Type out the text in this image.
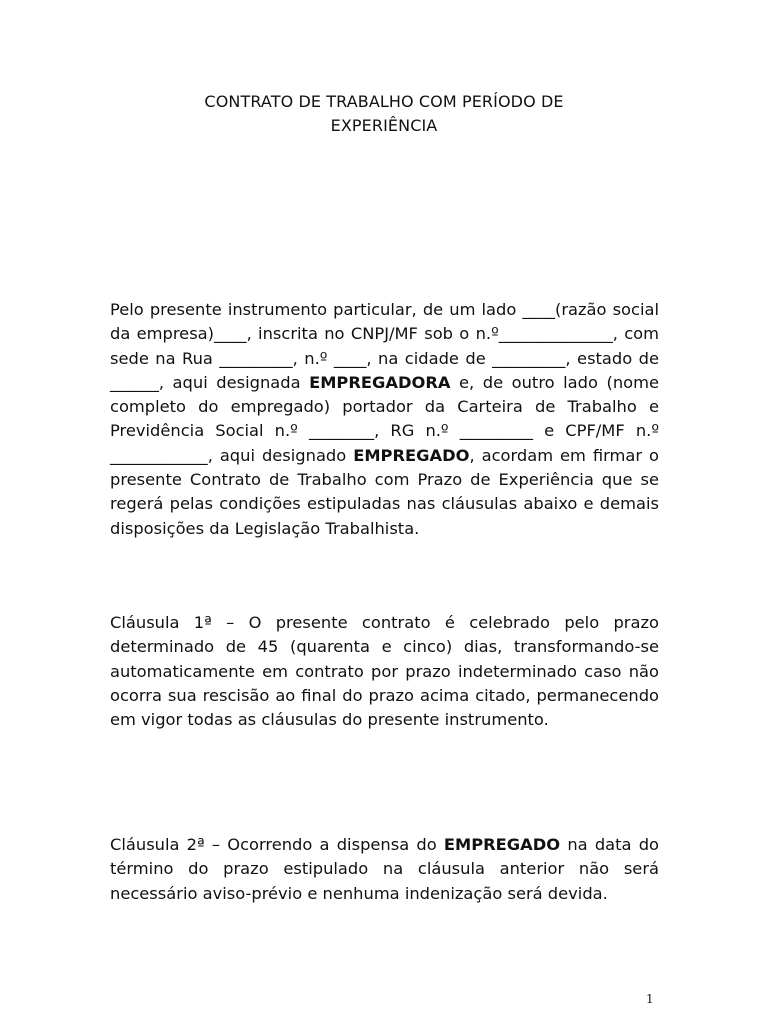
CONTRATO DE TRABALHO COM PERÍODO DE
EXPERIÊNCIA

Pelo presente instrumento particular, de um lado ____(razão social da empresa)____, inscrita no CNPJ/MF sob o n.º______________, com sede na Rua _________, n.º ____, na cidade de _________, estado de ______, aqui designada EMPREGADORA e, de outro lado (nome completo do empregado) portador da Carteira de Trabalho e Previdência Social n.º ________, RG n.º _________ e CPF/MF n.º ____________, aqui designado EMPREGADO, acordam em firmar o presente Contrato de Trabalho com Prazo de Experiência que se regerá pelas condições estipuladas nas cláusulas abaixo e demais disposições da Legislação Trabalhista.

Cláusula 1ª – O presente contrato é celebrado pelo prazo determinado de 45 (quarenta e cinco) dias, transformando-se automaticamente em contrato por prazo indeterminado caso não ocorra sua rescisão ao final do prazo acima citado, permanecendo em vigor todas as cláusulas do presente instrumento.

Cláusula 2ª – Ocorrendo a dispensa do EMPREGADO na data do término do prazo estipulado na cláusula anterior não será necessário aviso-prévio e nenhuma indenização será devida.

1
